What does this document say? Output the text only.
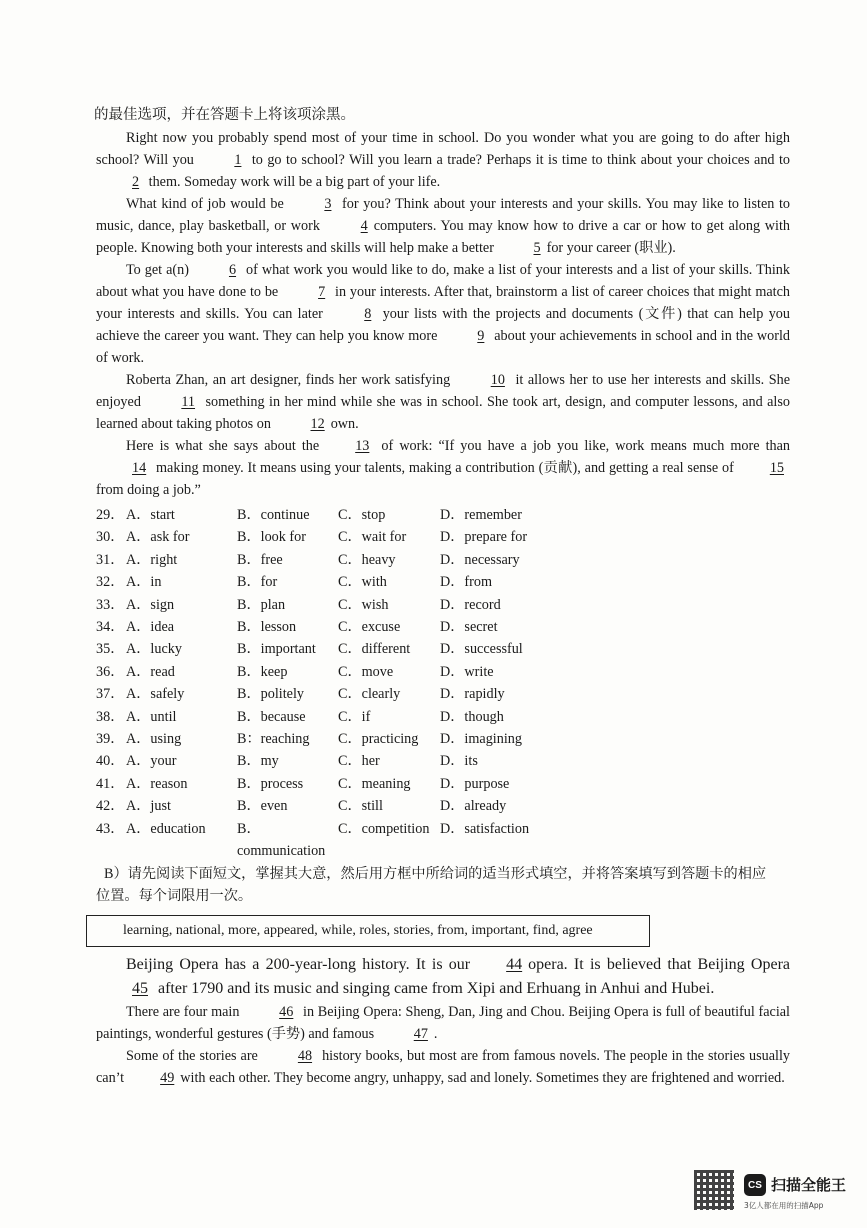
的最佳选项，并在答题卡上将该项涂黑。

Right now you probably spend most of your time in school. Do you wonder what you are going to do after high school? Will you	1 to go to school? Will you learn a trade? Perhaps it is time to think about your choices and to 2 them. Someday work will be a big part of your life.

What kind of job would be	3 for you? Think about your interests and your skills. You may like to listen to music, dance, play basketball, or work	4 computers. You may know how to drive a car or how to get along with people. Knowing both your interests and skills will help make a better	5 for your career (职业).

To get a(n)	6 of what work you would like to do, make a list of your interests and a list of your skills. Think about what you have done to be	7 in your interests. After that, brainstorm a list of career choices that might match your interests and skills. You can later	8 your lists with the projects and documents (文件) that can help you achieve the career you want. They can help you know more	9 about your achievements in school and in the world of work.

Roberta Zhan, an art designer, finds her work satisfying	10 it allows her to use her interests and skills. She enjoyed	11 something in her mind while she was in school. She took art, design, and computer lessons, and also learned about taking photos on	12 own.

Here is what she says about the	13 of work: “If you have a job you like, work means much more than 14 making money. It means using your talents, making a contribution (贡献), and getting a real sense of	15 from doing a job.”

29． A．start	B．continue	C．stop	D．remember
30． A．ask for	B．look for	C．wait for	D．prepare for
31． A．right	B．free	C．heavy	D．necessary
32． A．in	B．for	C．with	D．from
33． A．sign	B．plan	C．wish	D．record
34． A．idea	B．lesson	C．excuse	D．secret
35． A．lucky	B．important	C．different	D．successful
36． A．read	B．keep	C．move	D．write
37． A．safely	B．politely	C．clearly	D．rapidly
38． A．until	B．because	C．if	D．though
39． A．using	B：reaching	C．practicing	D．imagining
40． A．your	B．my	C．her	D．its
41． A．reason	B．process	C．meaning	D．purpose
42． A．just	B．even	C．still	D．already
43． A．education	B．communication
C．competition D．satisfaction

B）请先阅读下面短文，掌握其大意，然后用方框中所给词的适当形式填空，并将答案填写到答题卡的相应

位置。每个词限用一次。

learning, national, more, appeared, while, roles, stories, from, important, find, agree

Beijing Opera has a 200-year-long history. It is our 44 opera. It is believed that Beijing Opera 45 after 1790 and its music and singing came from Xipi and Erhuang in Anhui and Hubei.

There are four main	46 in Beijing Opera: Sheng, Dan, Jing and Chou. Beijing Opera is full of beautiful facial paintings, wonderful gestures (手势) and famous	47 .

Some of the stories are	48 history books, but most are from famous novels. The people in the stories usually can’t	49 with each other. They become angry, unhappy, sad and lonely. Sometimes they are frightened and worried.

CS 扫描全能王
3亿人都在用的扫描App
